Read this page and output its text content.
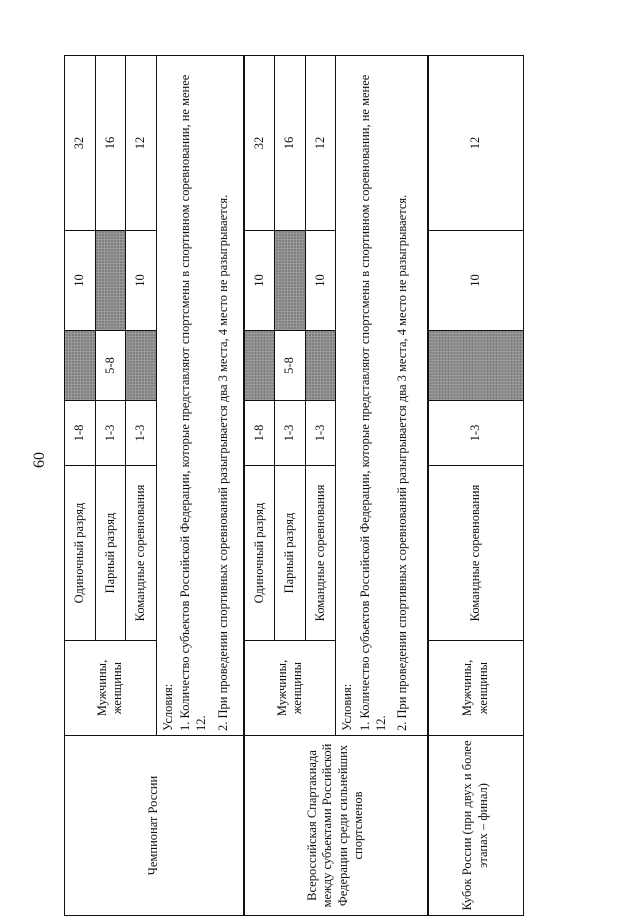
60
Чемпионат России	Мужчины, женщины	Одиночный разряд	1-8		10	32
		Парный разряд	1-3	5-8		16
		Командные соревнования	1-3		10	12

	Условия: 1. Количество субъектов Российской Федерации, которые представляют спортсмены в спортивном соревновании, не менее 12. 2. При проведении спортивных соревнований разыгрывается два 3 места, 4 место не разыгрывается.					

Всероссийская Спартакиада между субъектами Российской Федерации среди сильнейших спортсменов	Мужчины, женщины	Одиночный разряд	1-8		10	32
		Парный разряд	1-3	5-8		16
		Командные соревнования	1-3		10	12

	Условия: 1. Количество субъектов Российской Федерации, которые представляют спортсмены в спортивном соревновании, не менее 12. 2. При проведении спортивных соревнований разыгрывается два 3 места, 4 место не разыгрывается.					

Кубок России (при двух и более этапах – финал)	Мужчины, женщины	Командные соревнования	1-3		10	12
